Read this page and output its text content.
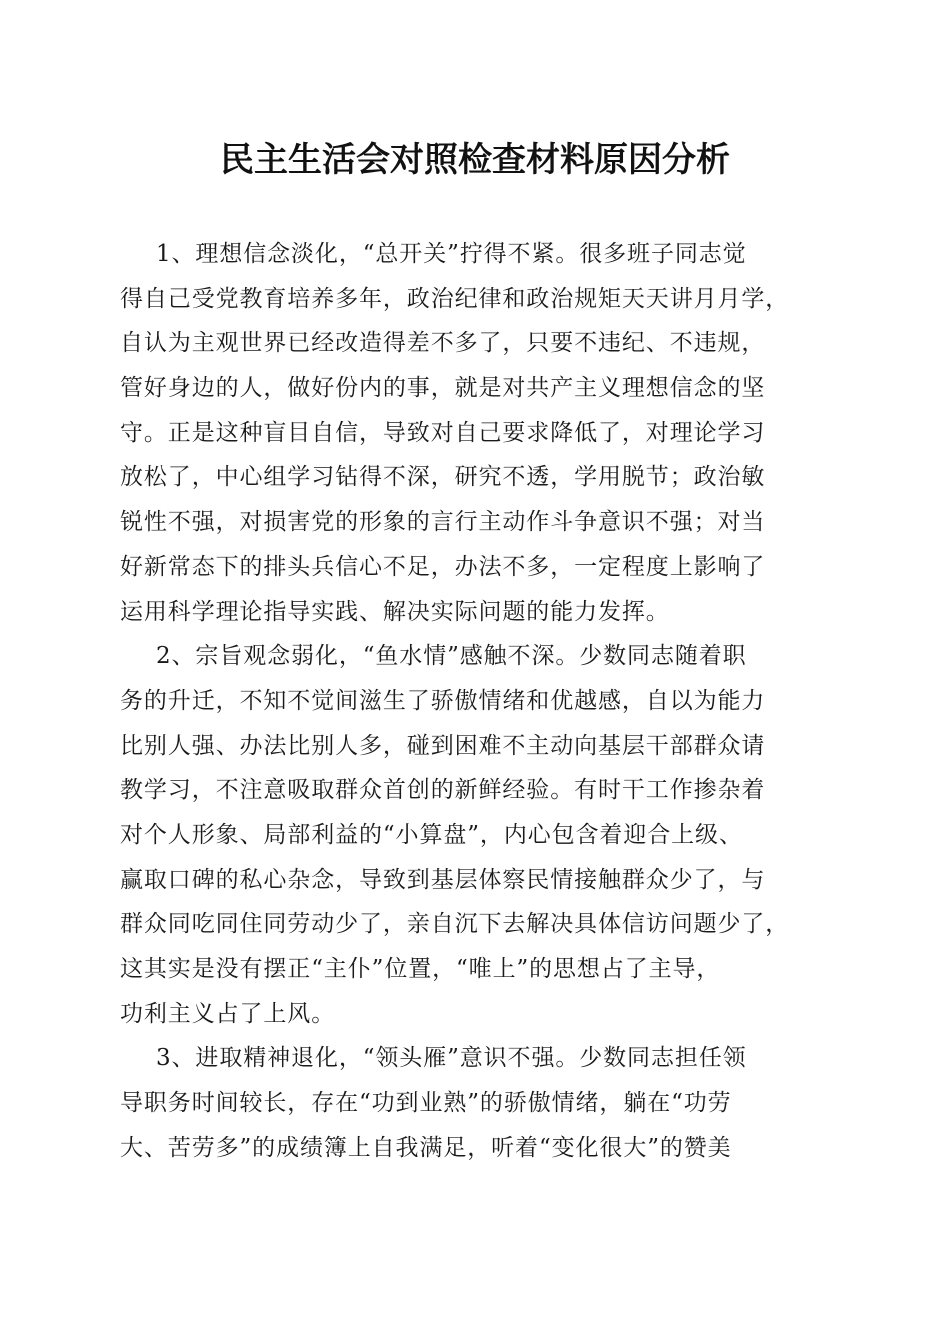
民主生活会对照检查材料原因分析
1、理想信念淡化，“总开关”拧得不紧。很多班子同志觉
得自己受党教育培养多年，政治纪律和政治规矩天天讲月月学，
自认为主观世界已经改造得差不多了，只要不违纪、不违规，
管好身边的人，做好份内的事，就是对共产主义理想信念的坚
守。正是这种盲目自信，导致对自己要求降低了，对理论学习
放松了，中心组学习钻得不深，研究不透，学用脱节；政治敏
锐性不强，对损害党的形象的言行主动作斗争意识不强；对当
好新常态下的排头兵信心不足，办法不多，一定程度上影响了
运用科学理论指导实践、解决实际问题的能力发挥。
2、宗旨观念弱化，“鱼水情”感触不深。少数同志随着职
务的升迁，不知不觉间滋生了骄傲情绪和优越感，自以为能力
比别人强、办法比别人多，碰到困难不主动向基层干部群众请
教学习，不注意吸取群众首创的新鲜经验。有时干工作掺杂着
对个人形象、局部利益的“小算盘”，内心包含着迎合上级、
赢取口碑的私心杂念，导致到基层体察民情接触群众少了，与
群众同吃同住同劳动少了，亲自沉下去解决具体信访问题少了，
这其实是没有摆正“主仆”位置，“唯上”的思想占了主导，
功利主义占了上风。
3、进取精神退化，“领头雁”意识不强。少数同志担任领
导职务时间较长，存在“功到业熟”的骄傲情绪，躺在“功劳
大、苦劳多”的成绩簿上自我满足，听着“变化很大”的赞美
